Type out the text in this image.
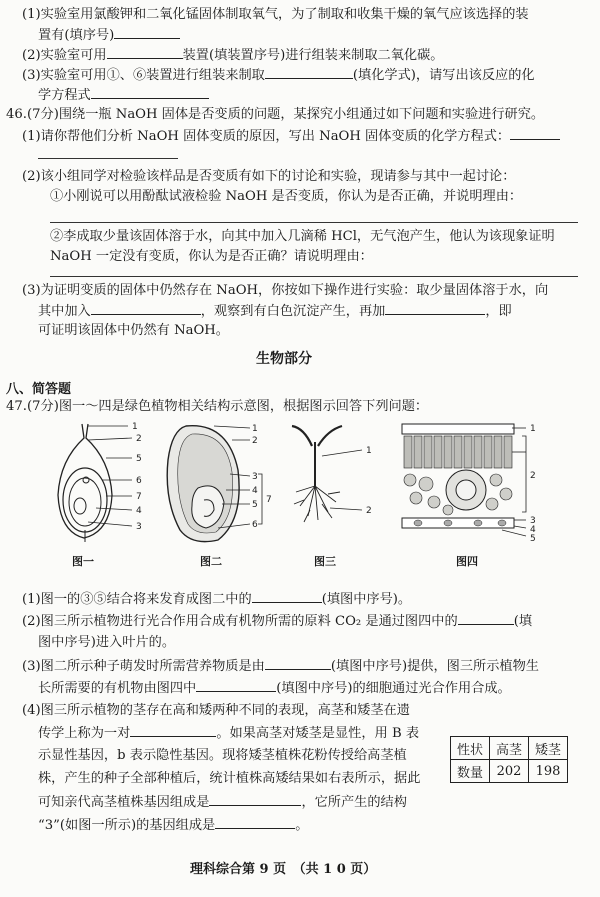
(1)实验室用氯酸钾和二氧化锰固体制取氧气，为了制取和收集干燥的氧气应该选择的装
置有(填序号)
(2)实验室可用	装置(填装置序号)进行组装来制取二氧化碳。
(3)实验室可用①、⑥装置进行组装来制取	(填化学式)，请写出该反应的化
学方程式
46.(7分)围绕一瓶 NaOH 固体是否变质的问题，某探究小组通过如下问题和实验进行研究。
(1)请你帮他们分析 NaOH 固体变质的原因，写出 NaOH 固体变质的化学方程式：
(2)该小组同学对检验该样品是否变质有如下的讨论和实验，现请参与其中一起讨论：
①小刚说可以用酚酞试液检验 NaOH 是否变质，你认为是否正确，并说明理由：
②李成取少量该固体溶于水，向其中加入几滴稀 HCl，无气泡产生，他认为该现象证明
NaOH 一定没有变质，你认为是否正确？请说明理由：
(3)为证明变质的固体中仍然存在 NaOH，你按如下操作进行实验：取少量固体溶于水，向
其中加入	，观察到有白色沉淀产生，再加	，即
可证明该固体中仍然有 NaOH。
生物部分
八、简答题
47.(7分)图一～四是绿色植物相关结构示意图，根据图示回答下列问题：
1
2
5
6
7
4
3
图一
1
2
3
4
5
6
7
图二
1
2
图三
1
2
3
4
5
图四
(1)图一的③⑤结合将来发育成图二中的	(填图中序号)。
(2)图三所示植物进行光合作用合成有机物所需的原料 CO₂ 是通过图四中的	(填
图中序号)进入叶片的。
(3)图二所示种子萌发时所需营养物质是由	(填图中序号)提供，图三所示植物生
长所需要的有机物由图四中	(填图中序号)的细胞通过光合作用合成。
(4)图三所示植物的茎存在高和矮两种不同的表现，高茎和矮茎在遗
传学上称为一对	。如果高茎对矮茎是显性，用 B 表
示显性基因，b 表示隐性基因。现将矮茎植株花粉传授给高茎植
株，产生的种子全部种植后，统计植株高矮结果如右表所示，据此
可知亲代高茎植株基因组成是	，它所产生的结构
“3”(如图一所示)的基因组成是	。
性状	高茎	矮茎
数量	202	198
理科综合第 9 页　（共 1 0 页）
